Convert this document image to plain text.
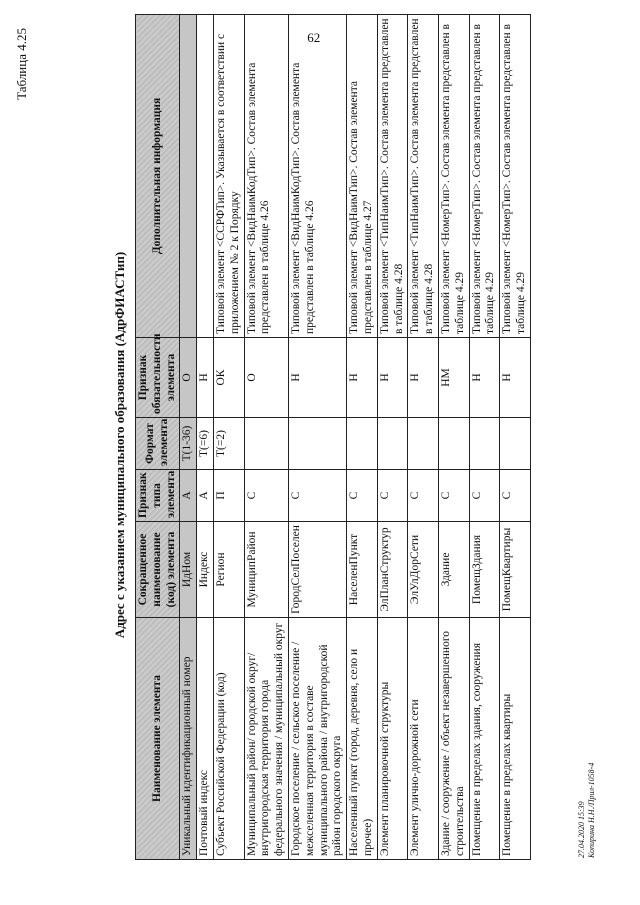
62
Таблица 4.25
Адрес с указанием муниципального образования (АдрФИАСТип)
Наименование элемента	Сокращенное наименование (код) элемента	Признак типа элемента	Формат элемента	Признак обязательности элемента	Дополнительная информация
Уникальный идентификационный номер	ИдНом	А	Т(1-36)	О	
Почтовый индекс	Индекс	А	Т(=6)	Н	
Субъект Российской Федерации (код)	Регион	П	Т(=2)	ОК	Типовой элемент <ССРФТип>. Указывается в соответствии с приложением № 2 к Порядку
Муниципальный район/ городской округ/ внутригородская территория города федерального значения / муниципальный округ	МуниципРайон	С		О	Типовой элемент <ВидНаимКодТип>. Состав элемента представлен в таблице 4.26
Городское поселение / сельское поселение / межселенная территория в составе муниципального района / внутригородской район городского округа	ГородСелПоселен	С		Н	Типовой элемент <ВидНаимКодТип>. Состав элемента представлен в таблице 4.26
Населенный пункт (город, деревня, село и прочее)	НаселенПункт	С		Н	Типовой элемент <ВидНаимТип>. Состав элемента представлен в таблице 4.27
Элемент планировочной структуры	ЭлПланСтруктур	С		Н	Типовой элемент <ТипНаимТип>. Состав элемента представлен в таблице 4.28
Элемент улично-дорожной сети	ЭлУлДорСети	С		Н	Типовой элемент <ТипНаимТип>. Состав элемента представлен в таблице 4.28
Здание / сооружение / объект незавершенного строительства	Здание	С		НМ	Типовой элемент <НомерТип>. Состав элемента представлен в таблице 4.29
Помещение в пределах здания, сооружения	ПомещЗдания	С		Н	Типовой элемент <НомерТип>. Состав элемента представлен в таблице 4.29
Помещение в пределах квартиры	ПомещКвартиры	С		Н	Типовой элемент <НомерТип>. Состав элемента представлен в таблице 4.29
27.04.2020 15:39 Копирина Н.Н./Прил-1058-4
